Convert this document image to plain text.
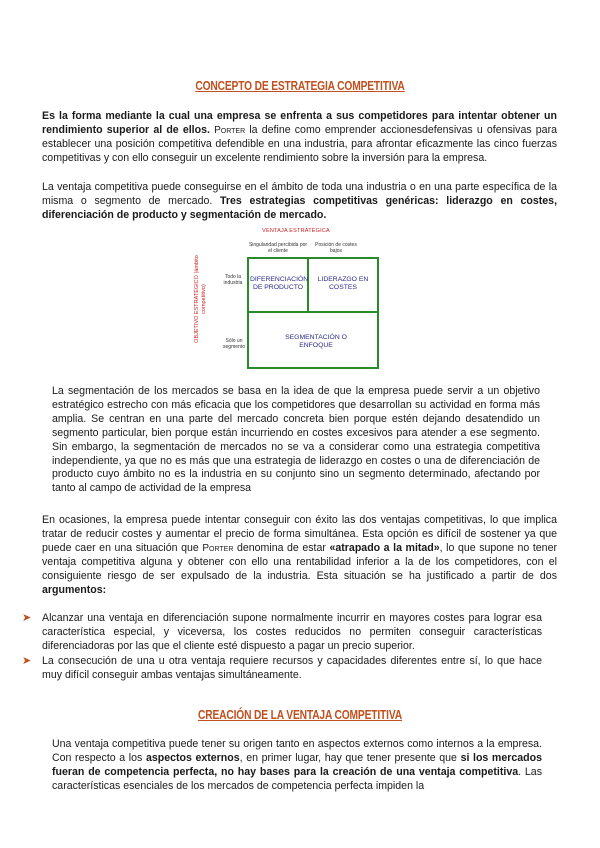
CONCEPTO DE ESTRATEGIA COMPETITIVA

Es la forma mediante la cual una empresa se enfrenta a sus competidores para intentar obtener un rendimiento superior al de ellos. Porter la define como emprender accionesdefensivas u ofensivas para establecer una posición competitiva defendible en una industria, para afrontar eficazmente las cinco fuerzas competitivas y con ello conseguir un excelente rendimiento sobre la inversión para la empresa.

La ventaja competitiva puede conseguirse en el ámbito de toda una industria o en una parte específica de la misma o segmento de mercado. Tres estrategias competitivas genéricas: liderazgo en costes, diferenciación de producto y segmentación de mercado.

VENTAJA ESTRATÉGICA
Singularidad percibida por el cliente
Posición de costes bajos
Todo la industria
Sólo un segmento
OBJETIVO ESTRATÉGICO (ámbito competitivo)
DIFERENCIACIÓN DE PRODUCTO
LIDERAZGO EN COSTES
SEGMENTACIÓN O ENFOQUE

La segmentación de los mercados se basa en la idea de que la empresa puede servir a un objetivo estratégico estrecho con más eficacia que los competidores que desarrollan su actividad en forma más amplia. Se centran en una parte del mercado concreta bien porque estén dejando desatendido un segmento particular, bien porque están incurriendo en costes excesivos para atender a ese segmento. Sin embargo, la segmentación de mercados no se va a considerar como una estrategia competitiva independiente, ya que no es más que una estrategia de liderazgo en costes o una de diferenciación de producto cuyo ámbito no es la industria en su conjunto sino un segmento determinado, afectando por tanto al campo de actividad de la empresa

En ocasiones, la empresa puede intentar conseguir con éxito las dos ventajas competitivas, lo que implica tratar de reducir costes y aumentar el precio de forma simultánea. Esta opción es difícil de sostener ya que puede caer en una situación que Porter denomina de estar «atrapado a la mitad», lo que supone no tener ventaja competitiva alguna y obtener con ello una rentabilidad inferior a la de los competidores, con el consiguiente riesgo de ser expulsado de la industria. Esta situación se ha justificado a partir de dos argumentos:

➤ Alcanzar una ventaja en diferenciación supone normalmente incurrir en mayores costes para lograr esa característica especial, y viceversa, los costes reducidos no permiten conseguir características diferenciadoras por las que el cliente esté dispuesto a pagar un precio superior.
➤ La consecución de una u otra ventaja requiere recursos y capacidades diferentes entre sí, lo que hace muy difícil conseguir ambas ventajas simultáneamente.
CREACIÓN DE LA VENTAJA COMPETITIVA

Una ventaja competitiva puede tener su origen tanto en aspectos externos como internos a la empresa. Con respecto a los aspectos externos, en primer lugar, hay que tener presente que si los mercados fueran de competencia perfecta, no hay bases para la creación de una ventaja competitiva. Las características esenciales de los mercados de competencia perfecta impiden la
